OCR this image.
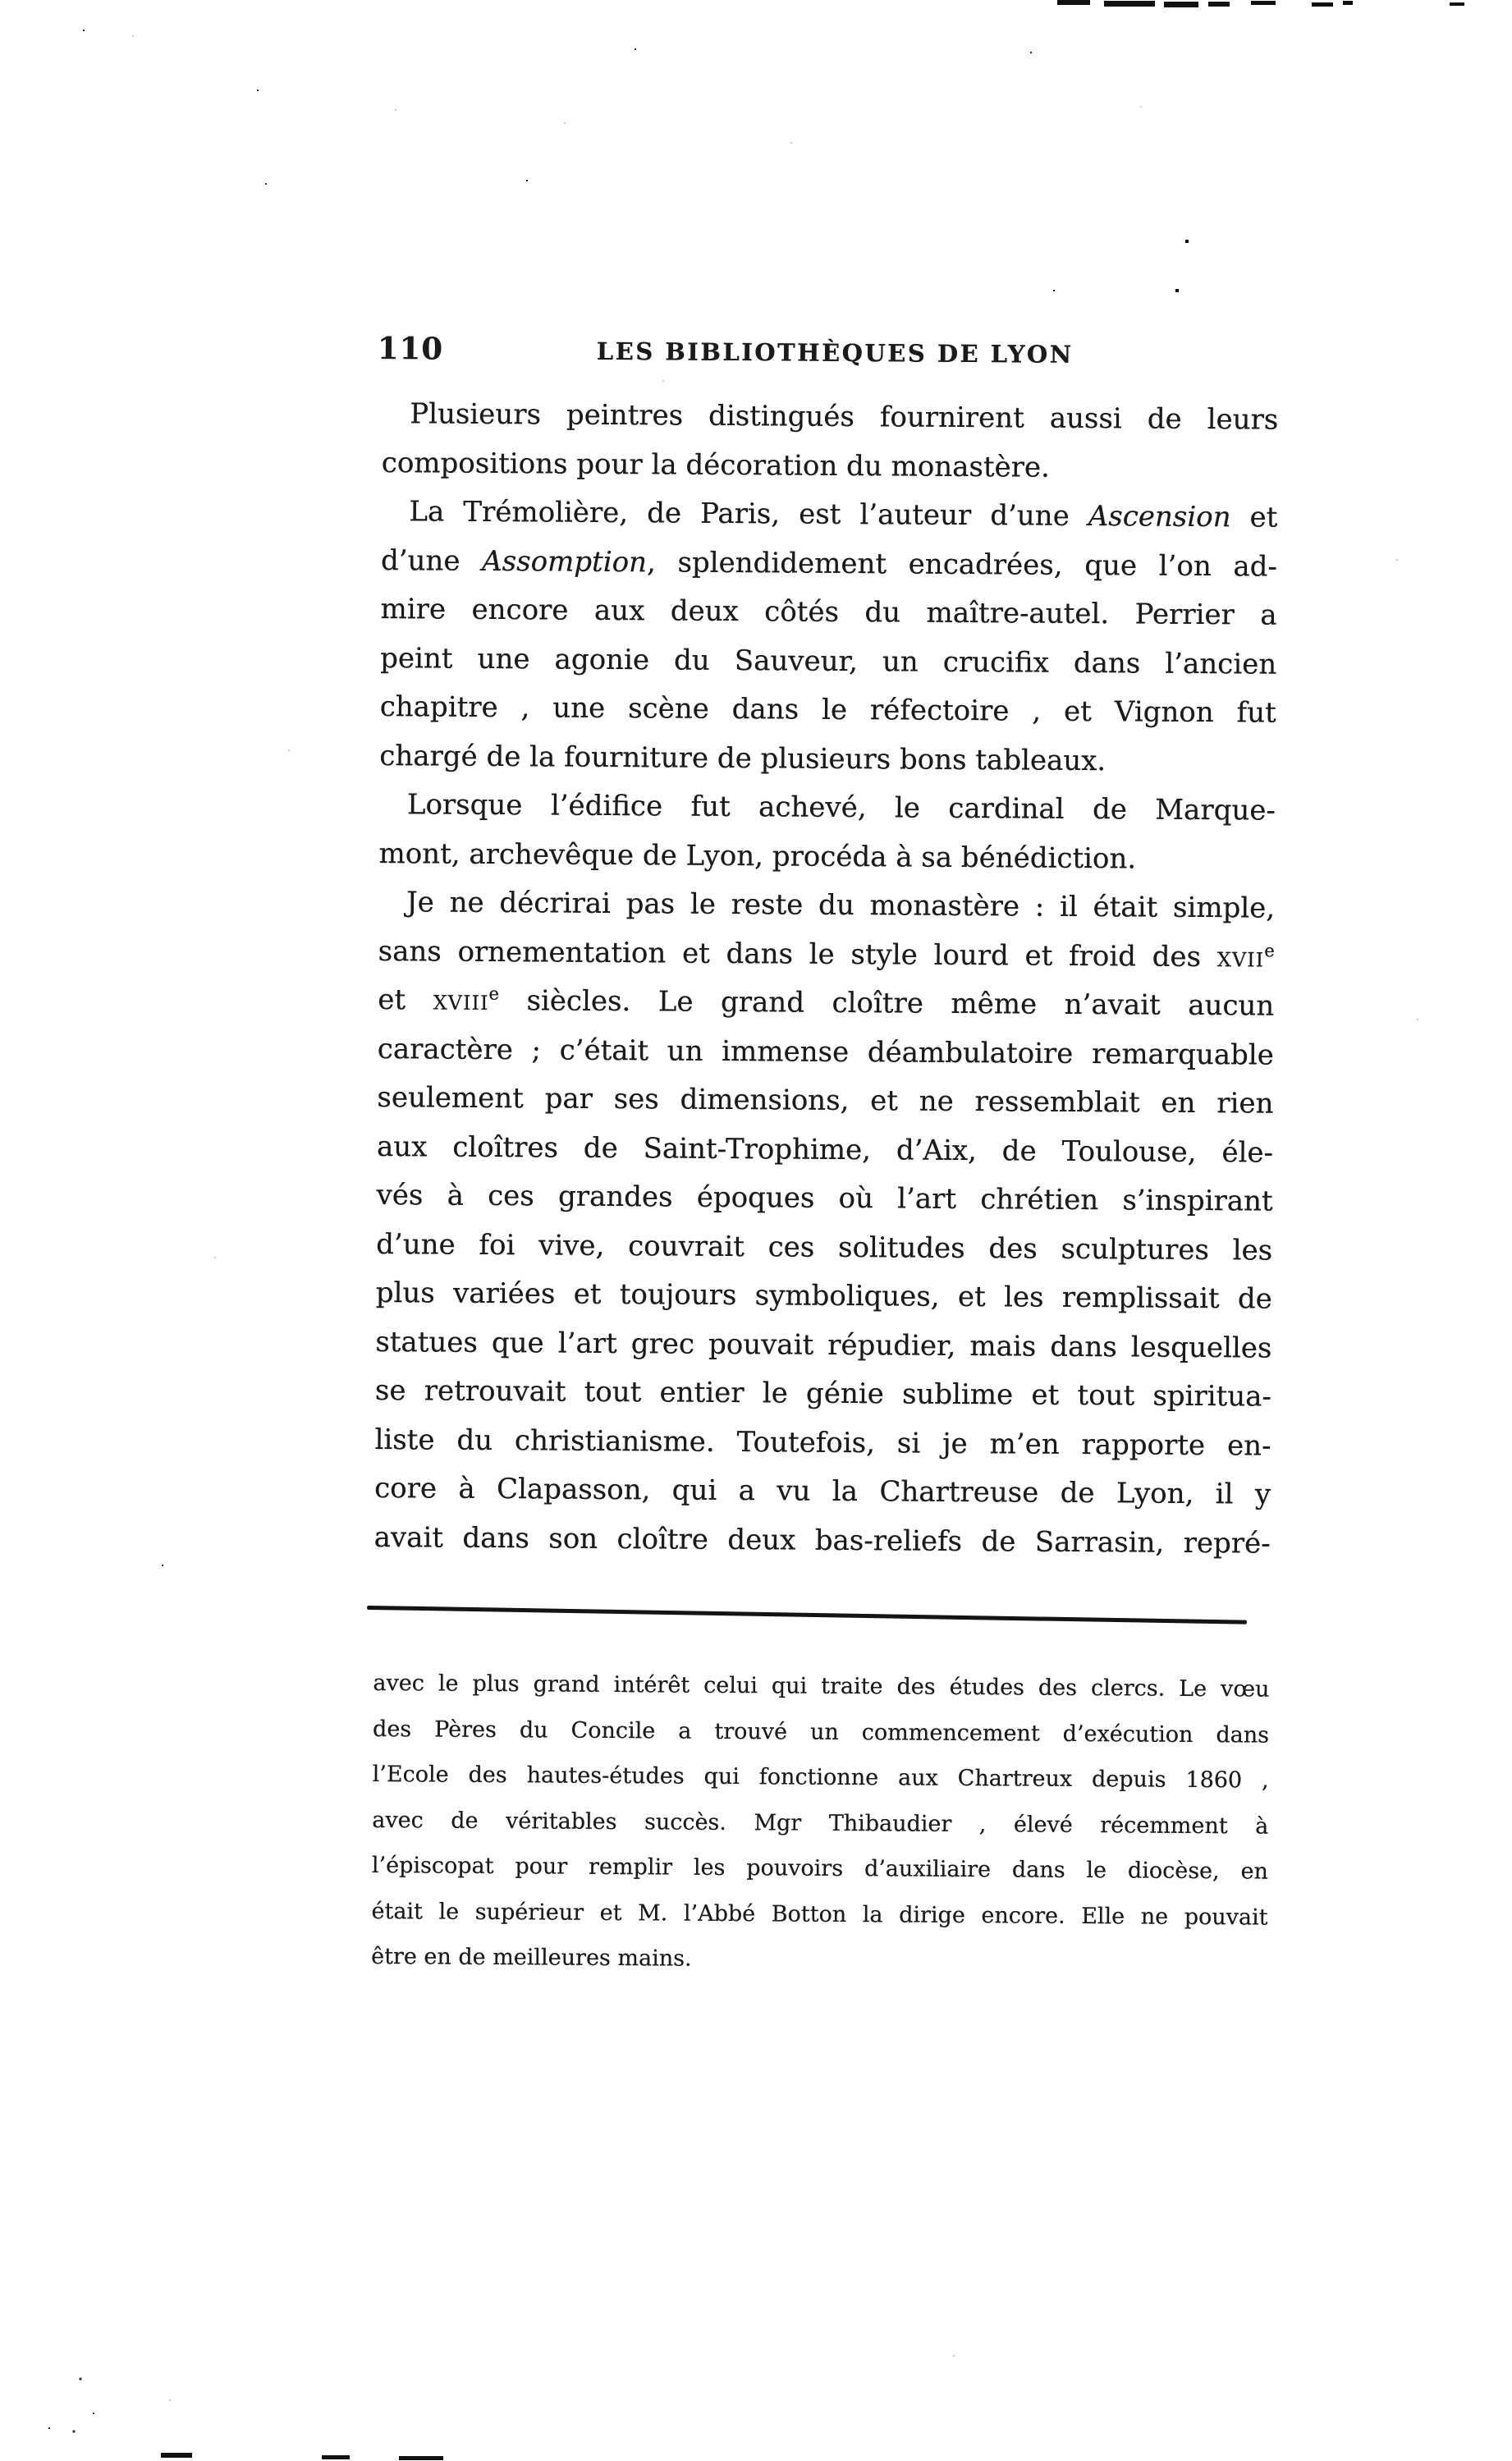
110	LES BIBLIOTHÈQUES DE LYON
Plusieurs peintres distingués fournirent aussi de leurs
compositions pour la décoration du monastère.
La Trémolière, de Paris, est l’auteur d’une Ascension et
d’une Assomption, splendidement encadrées, que l’on ad-
mire encore aux deux côtés du maître-autel. Perrier a
peint une agonie du Sauveur, un crucifix dans l’ancien
chapitre , une scène dans le réfectoire , et Vignon fut
chargé de la fourniture de plusieurs bons tableaux.
Lorsque l’édifice fut achevé, le cardinal de Marque-
mont, archevêque de Lyon, procéda à sa bénédiction.
Je ne décrirai pas le reste du monastère : il était simple,
sans ornementation et dans le style lourd et froid des xvii$^e$
et xviii$^e$ siècles. Le grand cloître même n’avait aucun
caractère ; c’était un immense déambulatoire remarquable
seulement par ses dimensions, et ne ressemblait en rien
aux cloîtres de Saint-Trophime, d’Aix, de Toulouse, éle-
vés à ces grandes époques où l’art chrétien s’inspirant
d’une foi vive, couvrait ces solitudes des sculptures les
plus variées et toujours symboliques, et les remplissait de
statues que l’art grec pouvait répudier, mais dans lesquelles
se retrouvait tout entier le génie sublime et tout spiritua-
liste du christianisme. Toutefois, si je m’en rapporte en-
core à Clapasson, qui a vu la Chartreuse de Lyon, il y
avait dans son cloître deux bas-reliefs de Sarrasin, repré-
avec le plus grand intérêt celui qui traite des études des clercs. Le vœu
des Pères du Concile a trouvé un commencement d’exécution dans
l’Ecole des hautes-études qui fonctionne aux Chartreux depuis 1860 ,
avec de véritables succès. Mgr Thibaudier , élevé récemment à
l’épiscopat pour remplir les pouvoirs d’auxiliaire dans le diocèse, en
était le supérieur et M. l’Abbé Botton la dirige encore. Elle ne pouvait
être en de meilleures mains.
